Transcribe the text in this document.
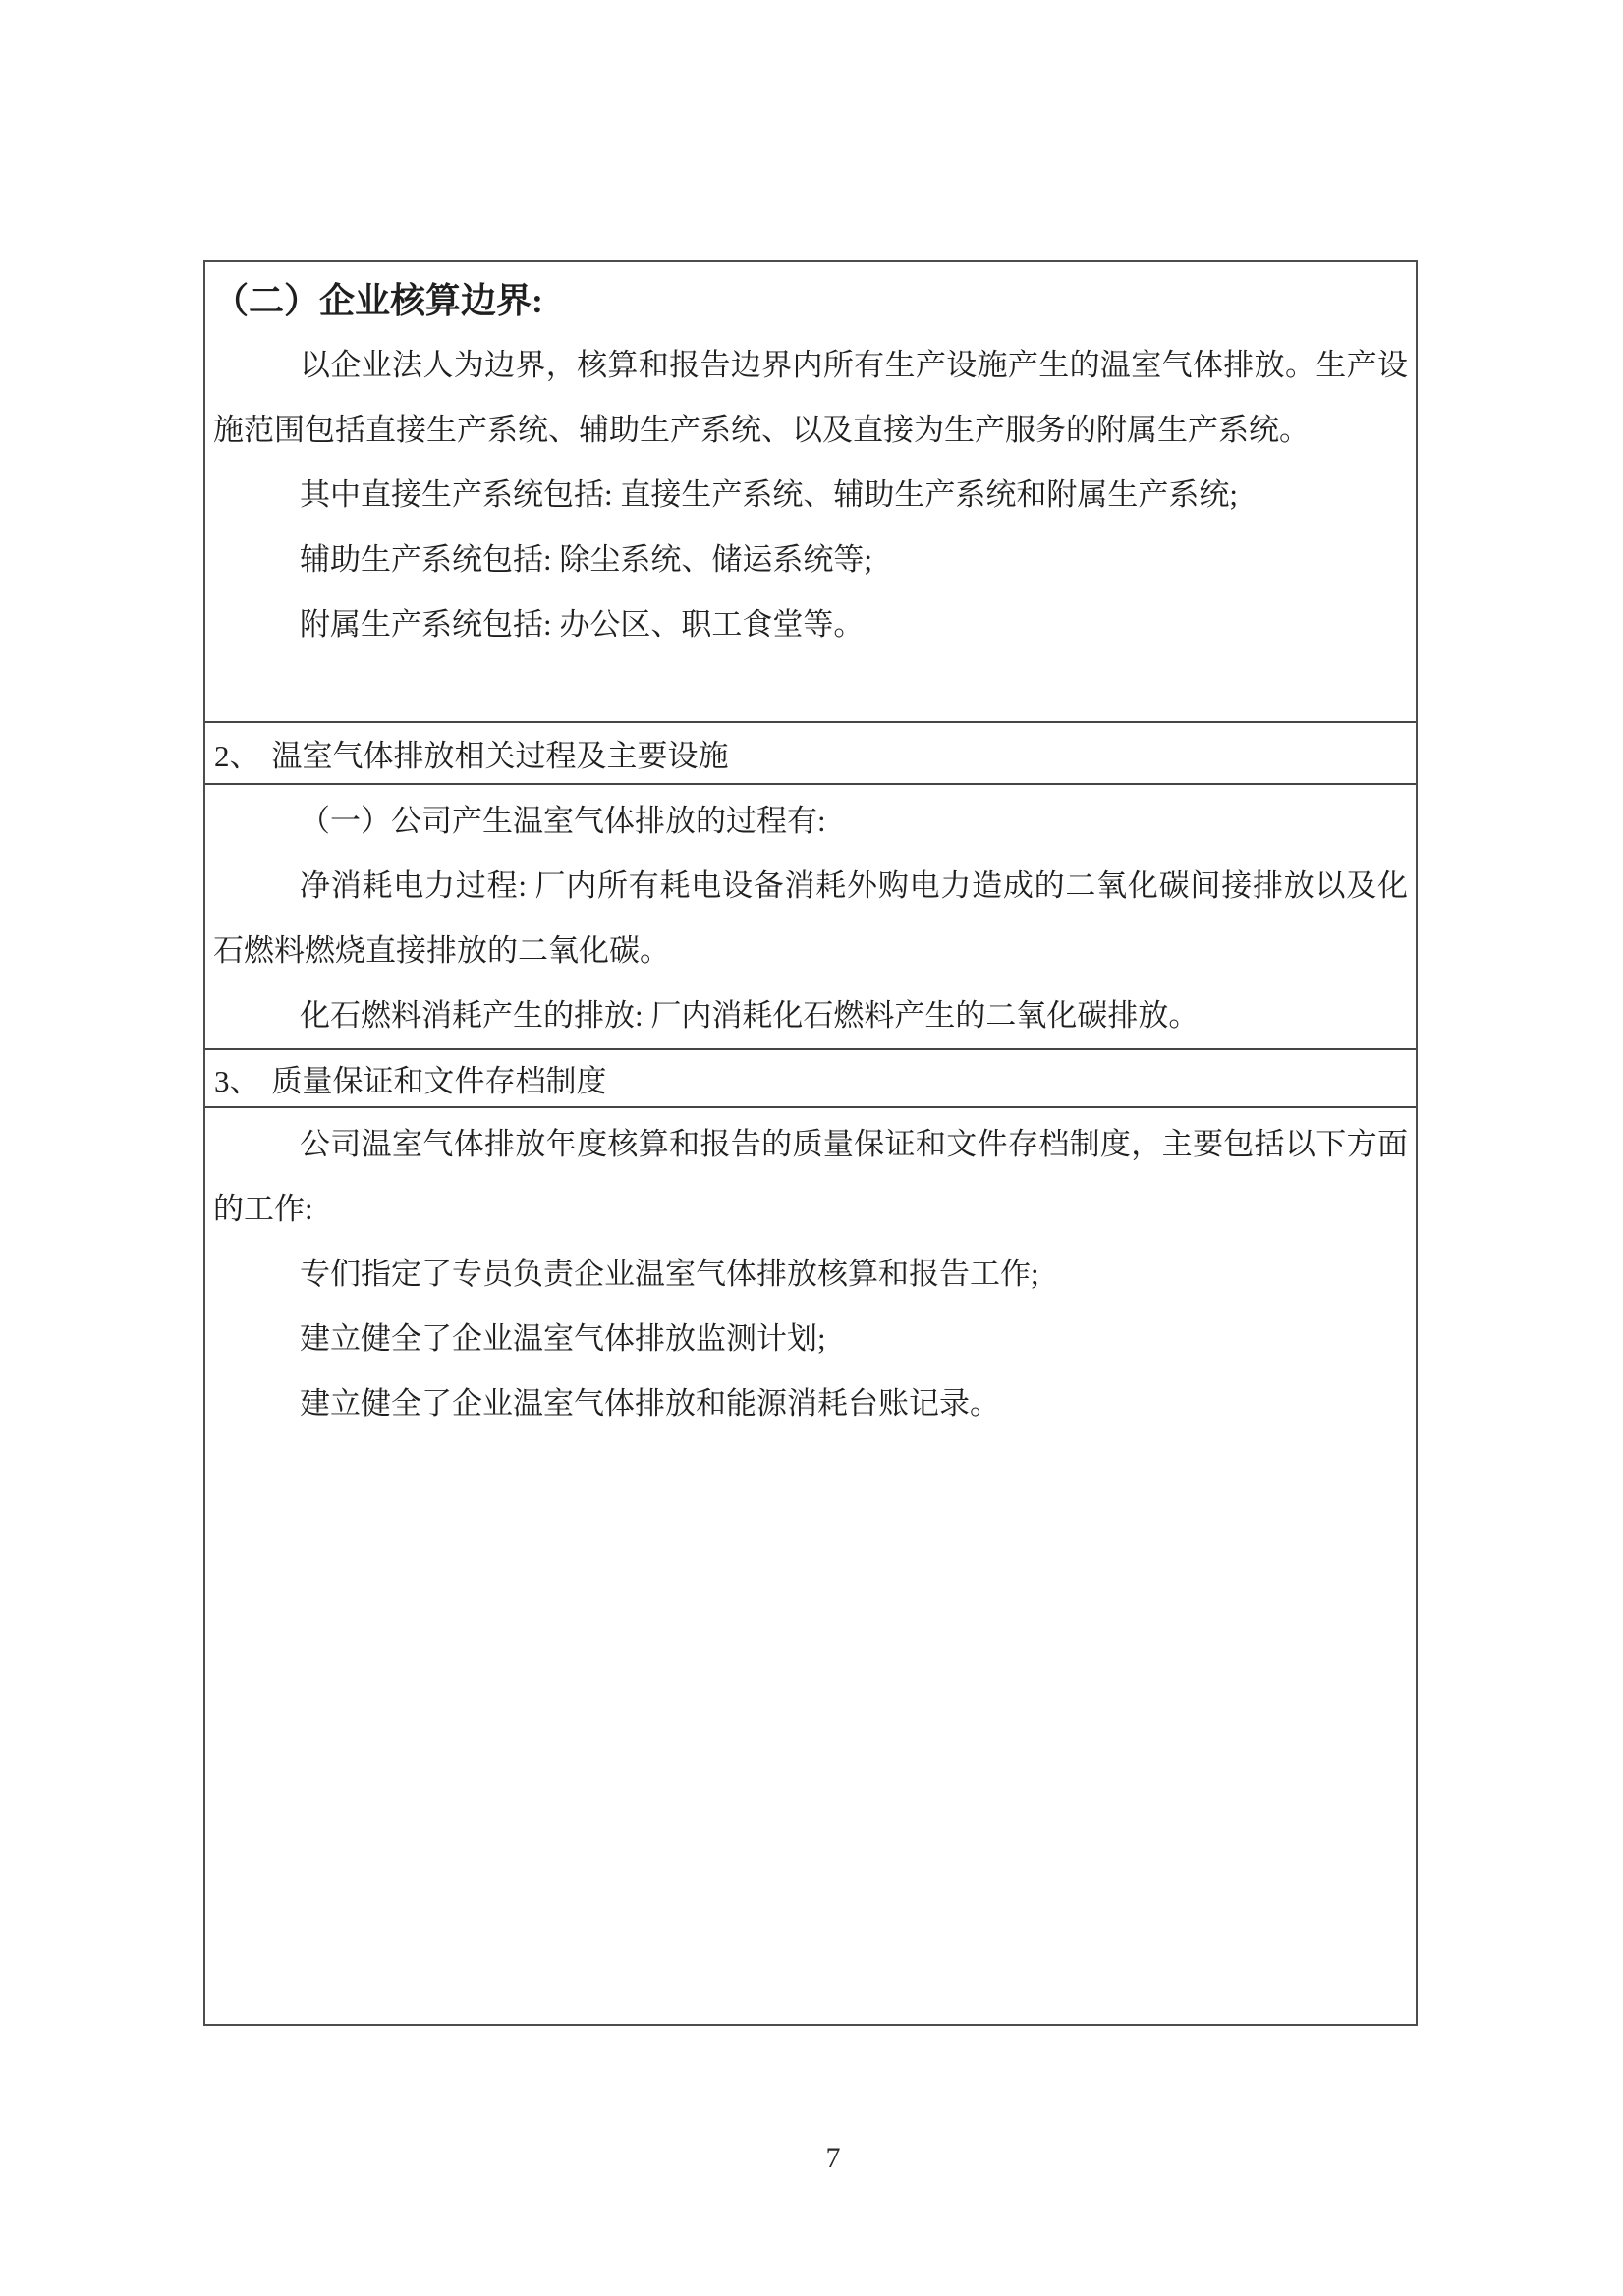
（二）企业核算边界:

以企业法人为边界，核算和报告边界内所有生产设施产生的温室气体排放。生产设施范围包括直接生产系统、辅助生产系统、以及直接为生产服务的附属生产系统。

其中直接生产系统包括: 直接生产系统、辅助生产系统和附属生产系统;

辅助生产系统包括: 除尘系统、储运系统等;

附属生产系统包括: 办公区、职工食堂等。

2、 温室气体排放相关过程及主要设施

（一）公司产生温室气体排放的过程有:

净消耗电力过程: 厂内所有耗电设备消耗外购电力造成的二氧化碳间接排放以及化石燃料燃烧直接排放的二氧化碳。

化石燃料消耗产生的排放: 厂内消耗化石燃料产生的二氧化碳排放。

3、 质量保证和文件存档制度

公司温室气体排放年度核算和报告的质量保证和文件存档制度，主要包括以下方面的工作:

专们指定了专员负责企业温室气体排放核算和报告工作;

建立健全了企业温室气体排放监测计划;

建立健全了企业温室气体排放和能源消耗台账记录。

7
